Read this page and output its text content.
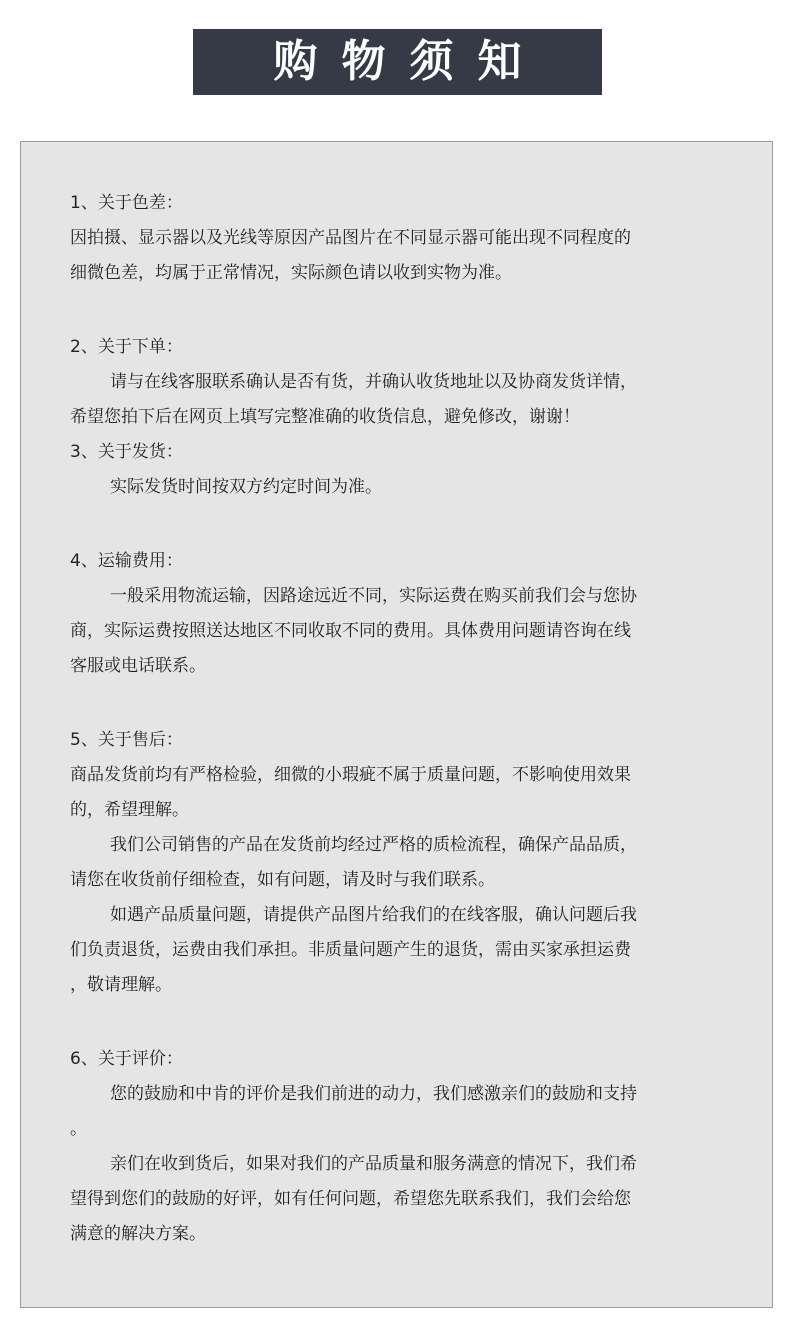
购物须知
1、关于色差：
因拍摄、显示器以及光线等原因产品图片在不同显示器可能出现不同程度的
细微色差，均属于正常情况，实际颜色请以收到实物为准。
2、关于下单：
请与在线客服联系确认是否有货，并确认收货地址以及协商发货详情，
希望您拍下后在网页上填写完整准确的收货信息，避免修改，谢谢！
3、关于发货：
实际发货时间按双方约定时间为准。
4、运输费用：
一般采用物流运输，因路途远近不同，实际运费在购买前我们会与您协
商，实际运费按照送达地区不同收取不同的费用。具体费用问题请咨询在线
客服或电话联系。
5、关于售后：
商品发货前均有严格检验，细微的小瑕疵不属于质量问题，不影响使用效果
的，希望理解。
我们公司销售的产品在发货前均经过严格的质检流程，确保产品品质，
请您在收货前仔细检查，如有问题，请及时与我们联系。
如遇产品质量问题，请提供产品图片给我们的在线客服，确认问题后我
们负责退货，运费由我们承担。非质量问题产生的退货，需由买家承担运费
，敬请理解。
6、关于评价：
您的鼓励和中肯的评价是我们前进的动力，我们感激亲们的鼓励和支持
。
亲们在收到货后，如果对我们的产品质量和服务满意的情况下，我们希
望得到您们的鼓励的好评，如有任何问题，希望您先联系我们，我们会给您
满意的解决方案。
